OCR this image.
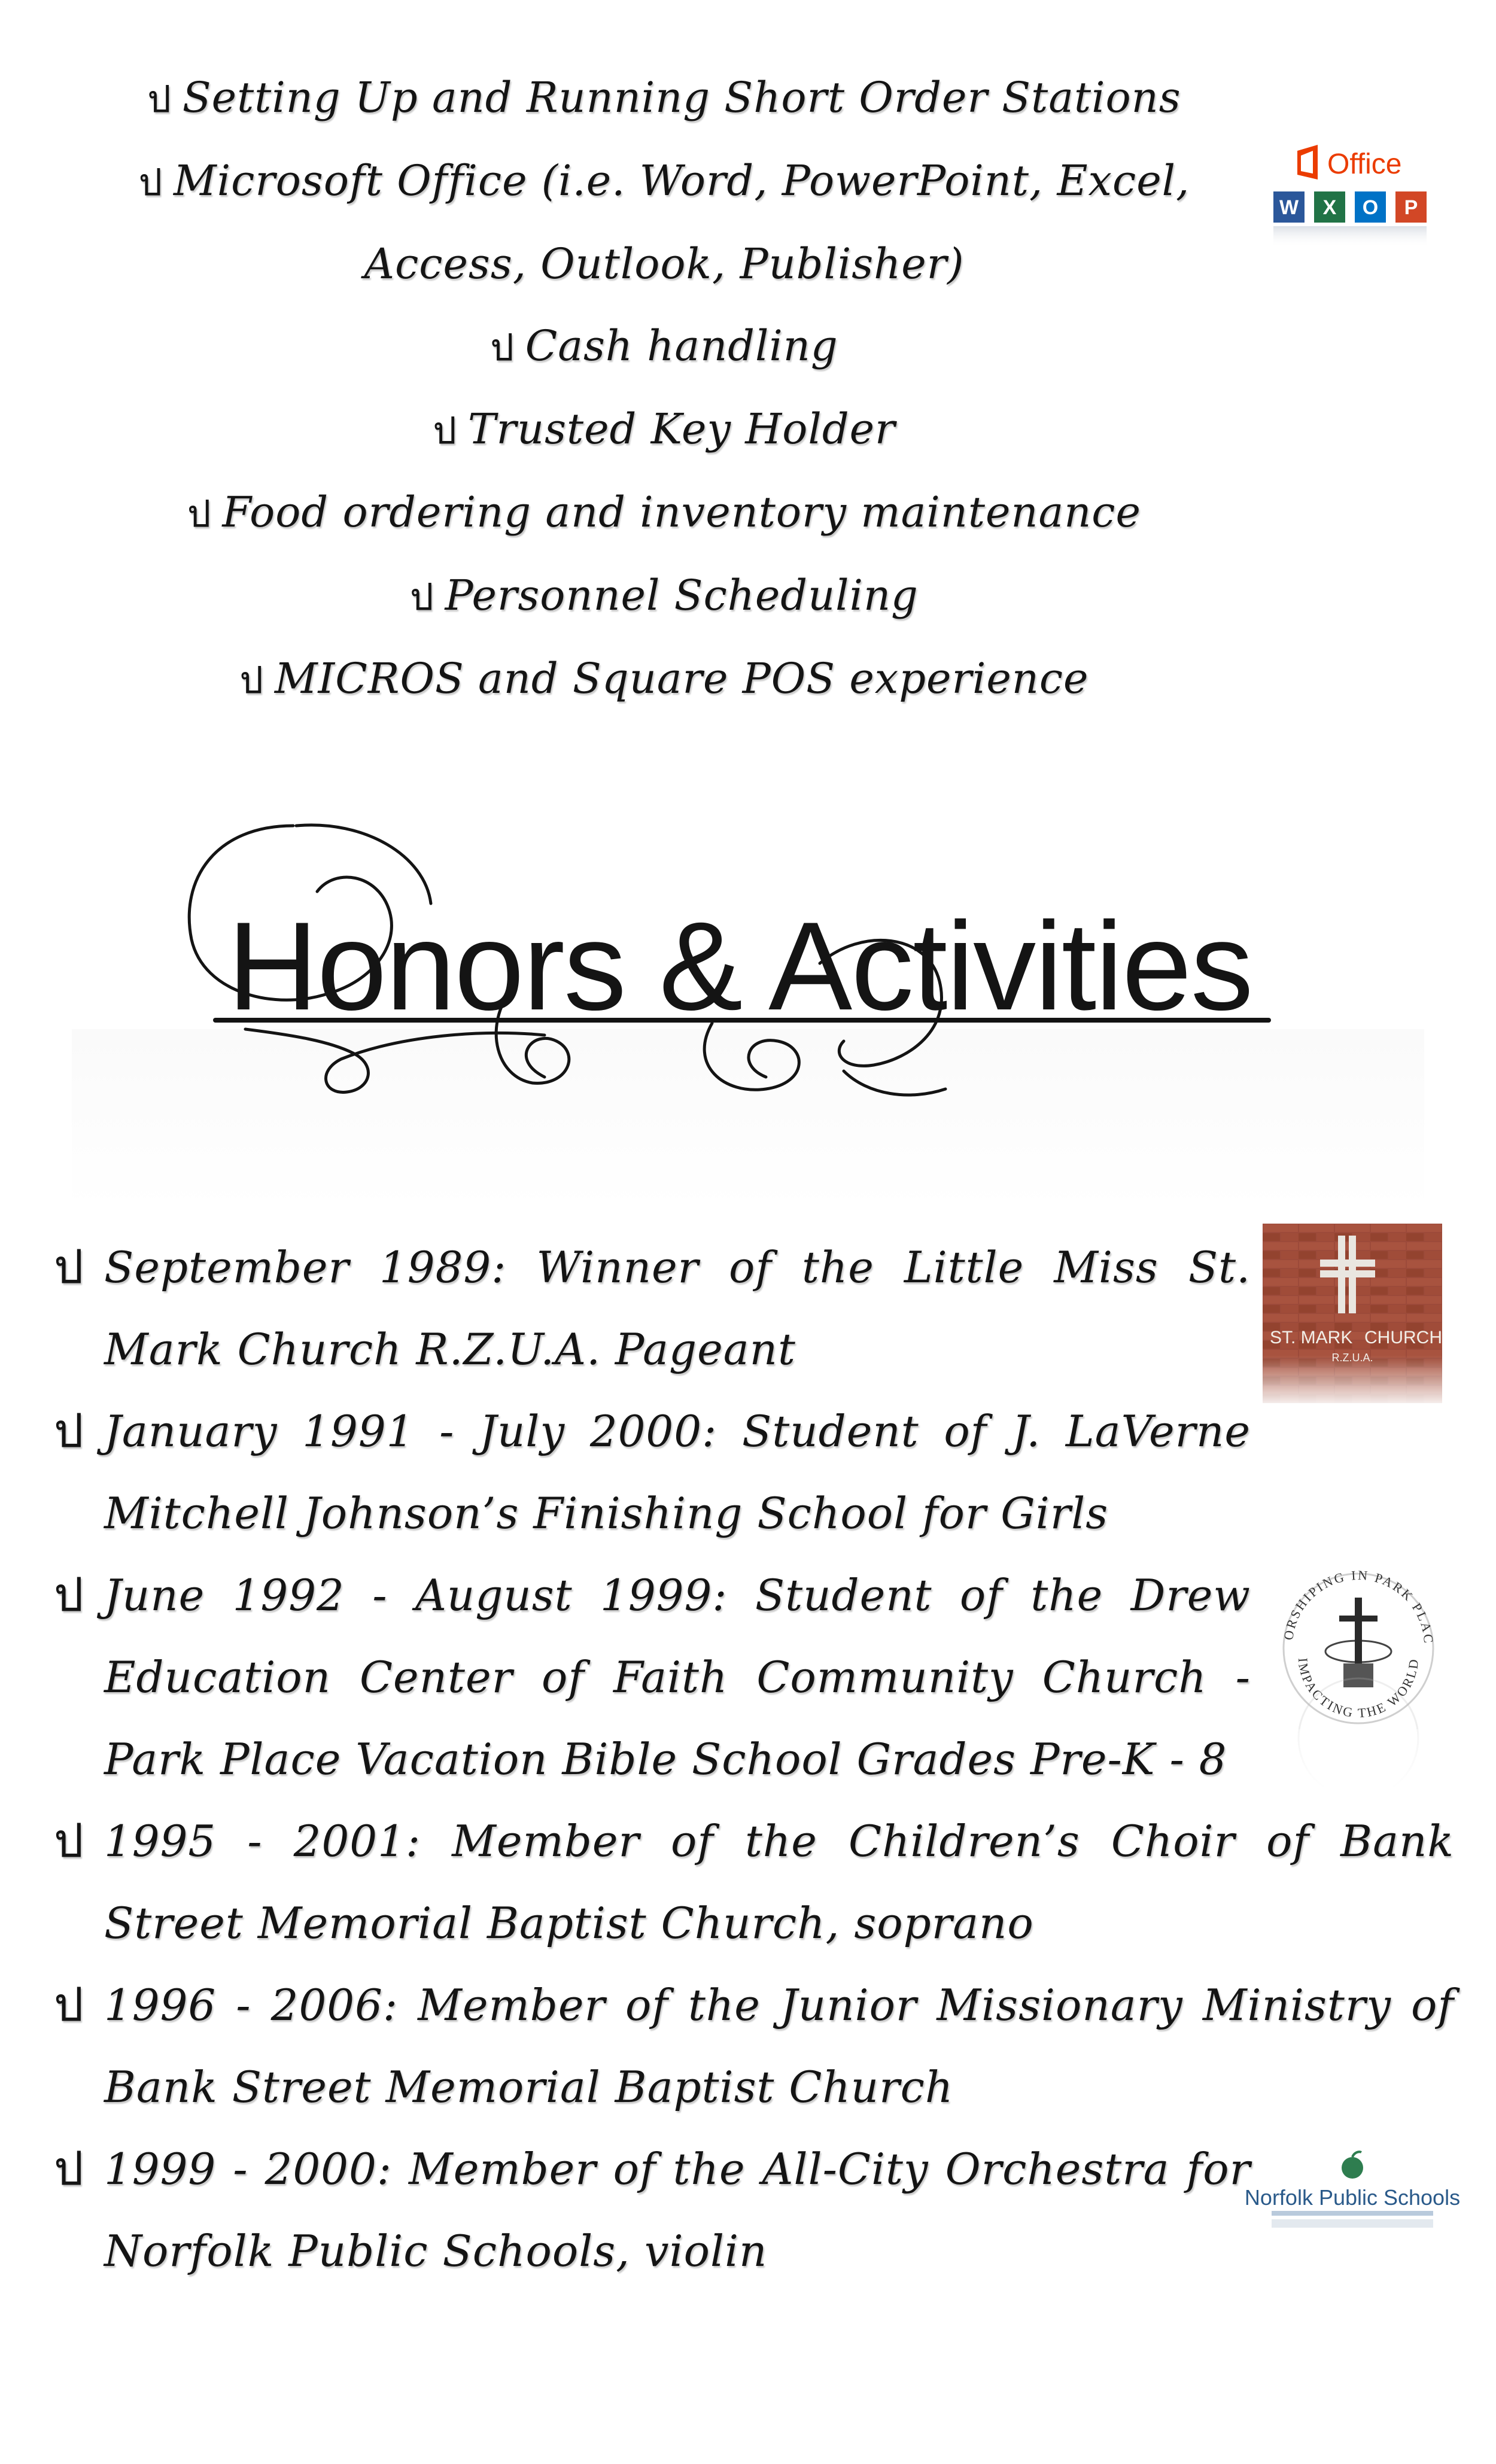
ป Setting Up and Running Short Order Stations
ป Microsoft Office (i.e. Word, PowerPoint, Excel, Access, Outlook, Publisher)
ป Cash handling
ป Trusted Key Holder
ป Food ordering and inventory maintenance
ป Personnel Scheduling
ป MICROS and Square POS experience
Office
W X O P
Honors & Activities
ป September 1989: Winner of the Little Miss St. Mark Church R.Z.U.A. Pageant
ป January 1991 - July 2000: Student of J. LaVerne Mitchell Johnson’s Finishing School for Girls
ป June 1992 - August 1999: Student of the Drew Education Center of Faith Community Church - Park Place Vacation Bible School Grades Pre-K - 8
ป 1995 - 2001: Member of the Children’s Choir of Bank Street Memorial Baptist Church, soprano
ป 1996 - 2006: Member of the Junior Missionary Ministry of Bank Street Memorial Baptist Church
ป 1999 - 2000: Member of the All-City Orchestra for Norfolk Public Schools, violin
ST. MARK CHURCH
ORSHIPING IN PARK PLAC
IMPACTING THE WORLD
Norfolk Public Schools
